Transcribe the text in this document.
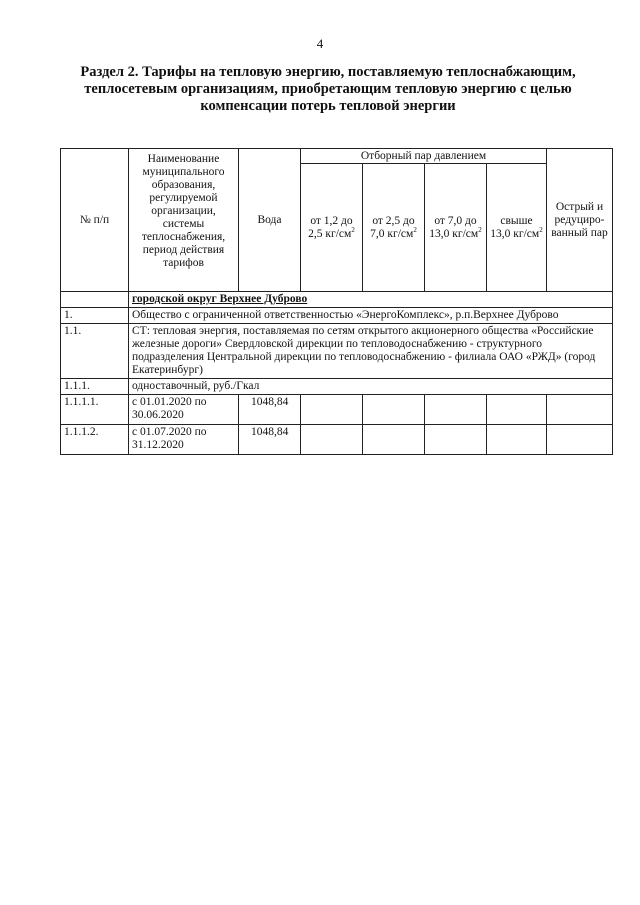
4
Раздел 2. Тарифы на тепловую энергию, поставляемую теплоснабжающим,
теплосетевым организациям, приобретающим тепловую энергию с целью
компенсации потерь тепловой энергии
№ п/п	Наименование муниципального образования, регулируемой организации, системы теплоснабжения, период действия тарифов	Вода	Отборный пар давлением				Острый и редуциро-ванный пар
			от 1,2 до 2,5 $кг/см^2$	от 2,5 до 7,0 $кг/см^2$	от 7,0 до 13,0 $кг/см^2$	свыше 13,0 $кг/см^2$
	городской округ Верхнее Дуброво						
1.	Общество с ограниченной ответственностью «ЭнергоКомплекс», р.п.Верхнее Дуброво						
1.1.	СТ: тепловая энергия, поставляемая по сетям открытого акционерного общества «Российские железные дороги» Свердловской дирекции по тепловодоснабжению - структурного подразделения Центральной дирекции по тепловодоснабжению - филиала ОАО «РЖД» (город Екатеринбург)						
1.1.1.	одноставочный, руб./Гкал						
1.1.1.1.	с 01.01.2020 по 30.06.2020	1048,84					
1.1.1.2.	с 01.07.2020 по 31.12.2020	1048,84					
